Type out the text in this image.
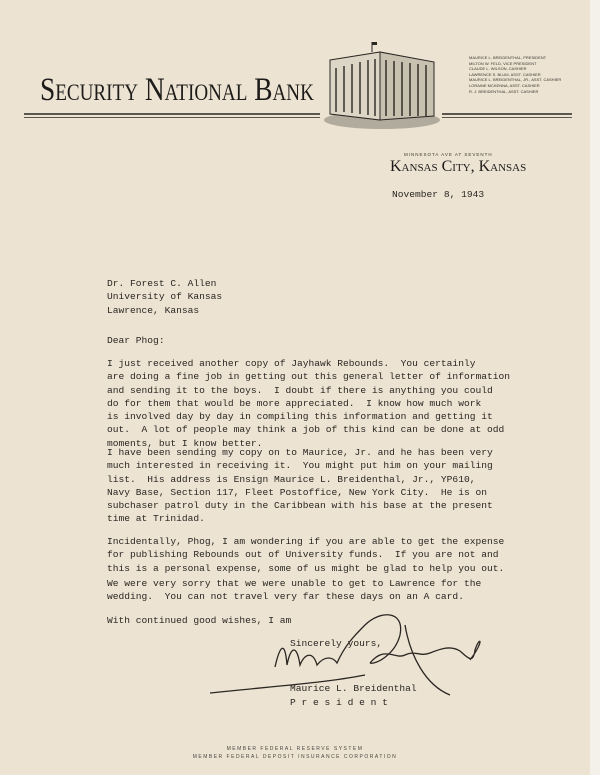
Security National Bank
MAURICE L. BREIDENTHAL, PRESIDENT
MILTON W. FELD, VICE PRESIDENT
CLAUDE L. WILSON, CASHIER
LAWRENCE S. BLUM, ASST. CASHIER
MAURICE L. BREIDENTHAL, JR., ASST. CASHIER
LORAINE MCKENNA, ASST. CASHIER
R. J. BREIDENTHAL, ASST. CASHIER
MINNESOTA AVE AT SEVENTH
Kansas City, Kansas
November 8, 1943
Dr. Forest C. Allen
University of Kansas
Lawrence, Kansas
Dear Phog:
I just received another copy of Jayhawk Rebounds.  You certainly
are doing a fine job in getting out this general letter of information
and sending it to the boys.  I doubt if there is anything you could
do for them that would be more appreciated.  I know how much work
is involved day by day in compiling this information and getting it
out.  A lot of people may think a job of this kind can be done at odd
moments, but I know better.
I have been sending my copy on to Maurice, Jr. and he has been very
much interested in receiving it.  You might put him on your mailing
list.  His address is Ensign Maurice L. Breidenthal, Jr., YP610,
Navy Base, Section 117, Fleet Postoffice, New York City.  He is on
subchaser patrol duty in the Caribbean with his base at the present
time at Trinidad.
Incidentally, Phog, I am wondering if you are able to get the expense
for publishing Rebounds out of University funds.  If you are not and
this is a personal expense, some of us might be glad to help you out.
We were very sorry that we were unable to get to Lawrence for the
wedding.  You can not travel very far these days on an A card.
With continued good wishes, I am
Sincerely yours,
Maurice L. Breidenthal
P r e s i d e n t
MEMBER FEDERAL RESERVE SYSTEM
MEMBER FEDERAL DEPOSIT INSURANCE CORPORATION
